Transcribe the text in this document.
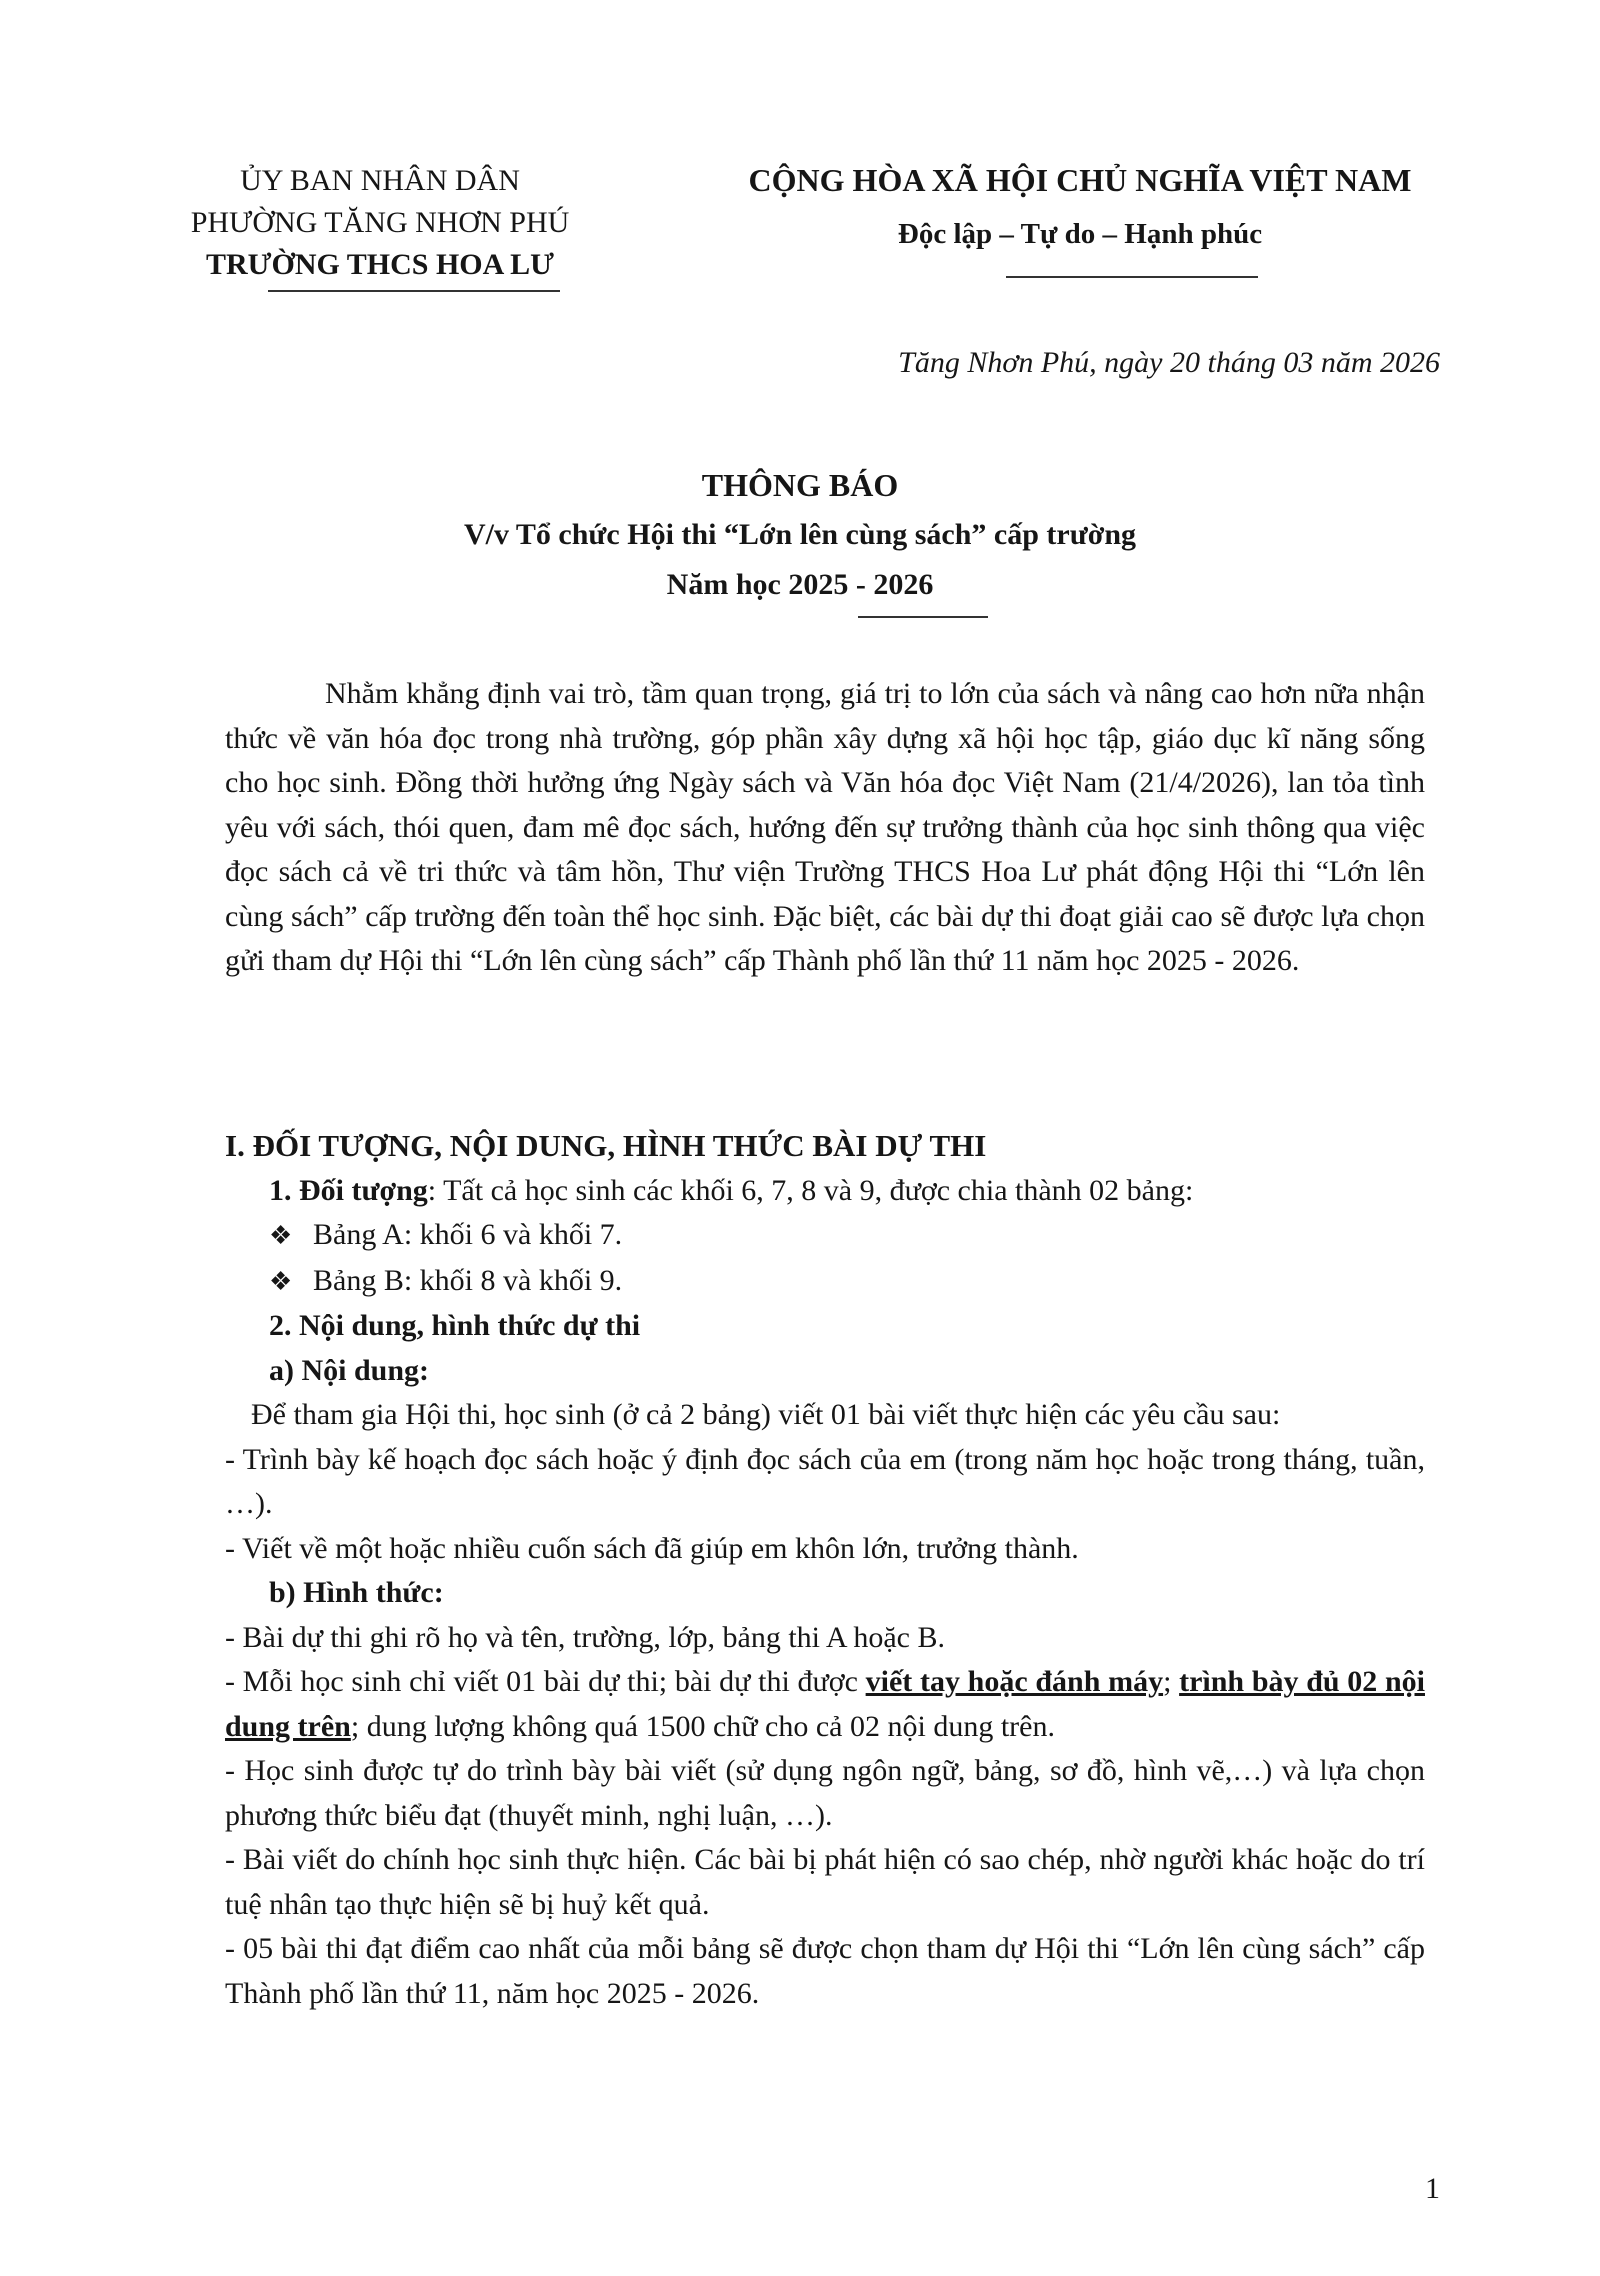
ỦY BAN NHÂN DÂN
PHƯỜNG TĂNG NHƠN PHÚ
TRƯỜNG THCS HOA LƯ
CỘNG HÒA XÃ HỘI CHỦ NGHĨA VIỆT NAM
Độc lập – Tự do – Hạnh phúc
Tăng Nhơn Phú, ngày 20 tháng 03 năm 2026
THÔNG BÁO
V/v Tổ chức Hội thi “Lớn lên cùng sách” cấp trường
Năm học 2025 - 2026

Nhằm khẳng định vai trò, tầm quan trọng, giá trị to lớn của sách và nâng cao hơn nữa nhận thức về văn hóa đọc trong nhà trường, góp phần xây dựng xã hội học tập, giáo dục kĩ năng sống cho học sinh. Đồng thời hưởng ứng Ngày sách và Văn hóa đọc Việt Nam (21/4/2026), lan tỏa tình yêu với sách, thói quen, đam mê đọc sách, hướng đến sự trưởng thành của học sinh thông qua việc đọc sách cả về tri thức và tâm hồn, Thư viện Trường THCS Hoa Lư phát động Hội thi “Lớn lên cùng sách” cấp trường đến toàn thể học sinh. Đặc biệt, các bài dự thi đoạt giải cao sẽ được lựa chọn gửi tham dự Hội thi “Lớn lên cùng sách” cấp Thành phố lần thứ 11 năm học 2025 - 2026.

I. ĐỐI TƯỢNG, NỘI DUNG, HÌNH THỨC BÀI DỰ THI
1. Đối tượng: Tất cả học sinh các khối 6, 7, 8 và 9, được chia thành 02 bảng:
❖ Bảng A: khối 6 và khối 7.
❖ Bảng B: khối 8 và khối 9.
2. Nội dung, hình thức dự thi
a) Nội dung:
Để tham gia Hội thi, học sinh (ở cả 2 bảng) viết 01 bài viết thực hiện các yêu cầu sau:
- Trình bày kế hoạch đọc sách hoặc ý định đọc sách của em (trong năm học hoặc trong tháng, tuần, …).
- Viết về một hoặc nhiều cuốn sách đã giúp em khôn lớn, trưởng thành.
b) Hình thức:
- Bài dự thi ghi rõ họ và tên, trường, lớp, bảng thi A hoặc B.
- Mỗi học sinh chỉ viết 01 bài dự thi; bài dự thi được viết tay hoặc đánh máy; trình bày đủ 02 nội dung trên; dung lượng không quá 1500 chữ cho cả 02 nội dung trên.
- Học sinh được tự do trình bày bài viết (sử dụng ngôn ngữ, bảng, sơ đồ, hình vẽ,…) và lựa chọn phương thức biểu đạt (thuyết minh, nghị luận, …).
- Bài viết do chính học sinh thực hiện. Các bài bị phát hiện có sao chép, nhờ người khác hoặc do trí tuệ nhân tạo thực hiện sẽ bị huỷ kết quả.
- 05 bài thi đạt điểm cao nhất của mỗi bảng sẽ được chọn tham dự Hội thi “Lớn lên cùng sách” cấp Thành phố lần thứ 11, năm học 2025 - 2026.
1
